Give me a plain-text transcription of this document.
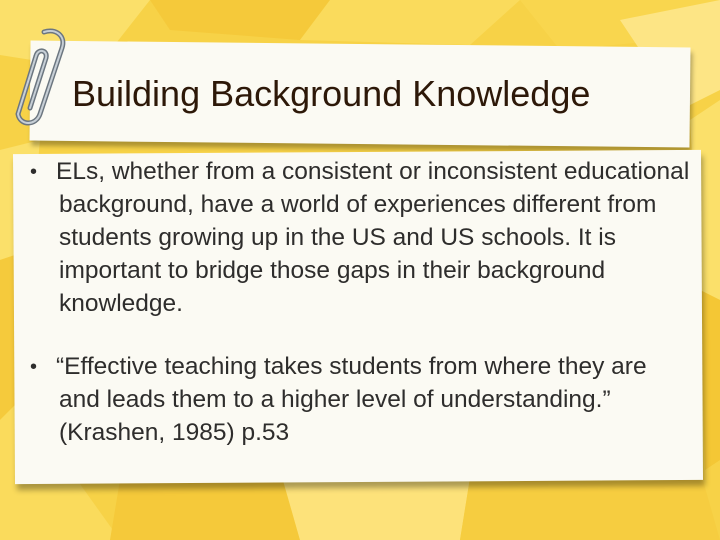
Building Background Knowledge
• ELs, whether from a consistent or inconsistent educational background, have a world of experiences different from students growing up in the US and US schools. It is important to bridge those gaps in their background knowledge.

• “Effective teaching takes students from where they are and leads them to a higher level of understanding.” (Krashen, 1985) p.53
